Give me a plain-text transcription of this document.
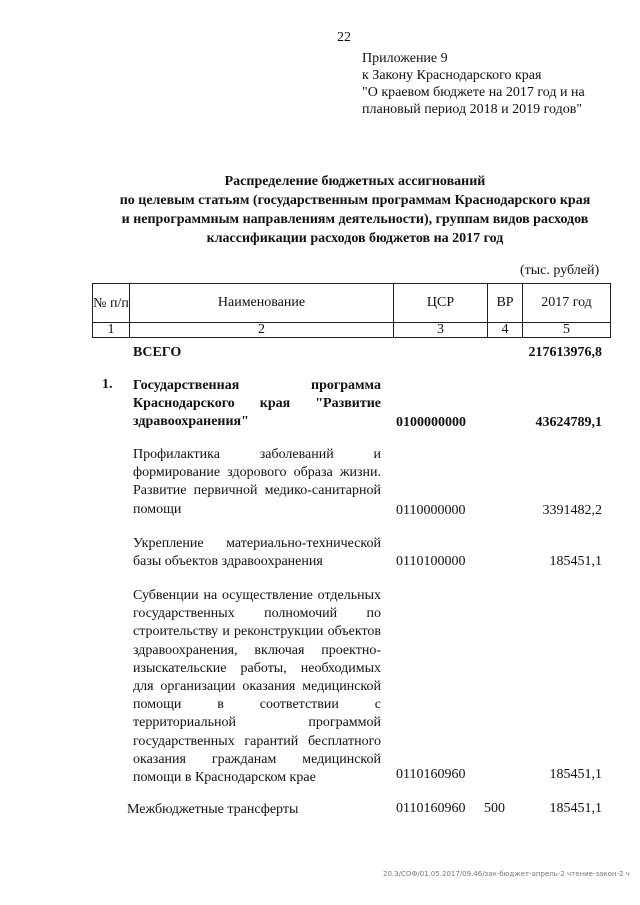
22
Приложение 9
к Закону Краснодарского края
"О краевом бюджете на 2017 год и на
плановый период 2018 и 2019 годов"
Распределение бюджетных ассигнований
по целевым статьям (государственным программам Краснодарского края
и непрограммным направлениям деятельности), группам видов расходов
классификации расходов бюджетов на 2017 год
(тыс. рублей)
№ п/п	Наименование	ЦСР	ВР	2017 год
1	2	3	4	5
ВСЕГО	217613976,8
1. Государственная программа Краснодарского края "Развитие здравоохранения"	0100000000	43624789,1
Профилактика заболеваний и формирование здорового образа жизни. Развитие первичной медико-санитарной помощи	0110000000	3391482,2
Укрепление материально-технической базы объектов здравоохранения	0110100000	185451,1
Субвенции на осуществление отдельных государственных полномочий по строительству и реконструкции объектов здравоохранения, включая проектно-изыскательские работы, необходимых для организации оказания медицинской помощи в соответствии с территориальной программой государственных гарантий бесплатного оказания гражданам медицинской помощи в Краснодарском крае	0110160960	185451,1
Межбюджетные трансферты	0110160960 500	185451,1
20.3/СОФ/01.05.2017/09.46/зак-бюджет-апрель-2 чтение-закон-2 ч
